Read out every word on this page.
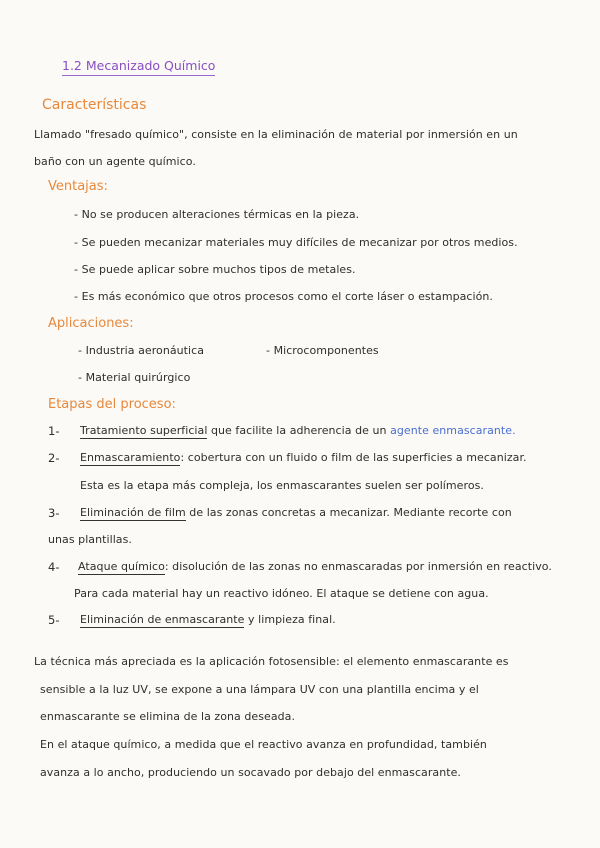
1.2 Mecanizado Químico
Características
Llamado "fresado químico", consiste en la eliminación de material por inmersión en un
baño con un agente químico.
Ventajas:
- No se producen alteraciones térmicas en la pieza.
- Se pueden mecanizar materiales muy difíciles de mecanizar por otros medios.
- Se puede aplicar sobre muchos tipos de metales.
- Es más económico que otros procesos como el corte láser o estampación.
Aplicaciones:
- Industria aeronáutica	- Microcomponentes
- Material quirúrgico
Etapas del proceso:
1- Tratamiento superficial que facilite la adherencia de un agente enmascarante.
2- Enmascaramiento: cobertura con un fluido o film de las superficies a mecanizar.
Esta es la etapa más compleja, los enmascarantes suelen ser polímeros.
3- Eliminación de film de las zonas concretas a mecanizar. Mediante recorte con
unas plantillas.
4- Ataque químico: disolución de las zonas no enmascaradas por inmersión en reactivo.
Para cada material hay un reactivo idóneo. El ataque se detiene con agua.
5- Eliminación de enmascarante y limpieza final.
La técnica más apreciada es la aplicación fotosensible: el elemento enmascarante es
sensible a la luz UV, se expone a una lámpara UV con una plantilla encima y el
enmascarante se elimina de la zona deseada.
En el ataque químico, a medida que el reactivo avanza en profundidad, también
avanza a lo ancho, produciendo un socavado por debajo del enmascarante.
